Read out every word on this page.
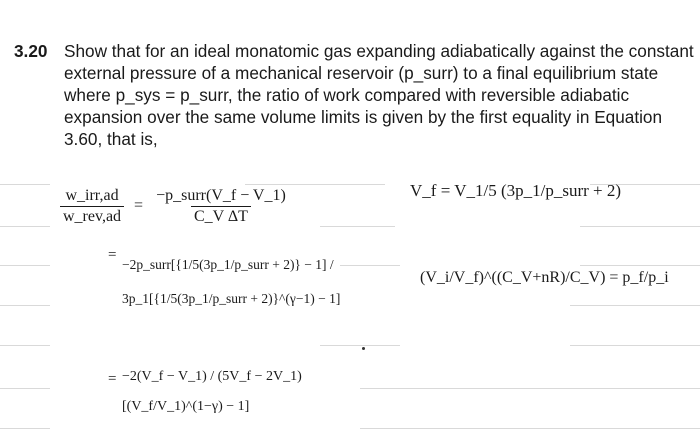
3.20 Show that for an ideal monatomic gas expanding adiabatically against the constant external pressure of a mechanical reservoir (p_surr) to a final equilibrium state where p_sys = p_surr, the ratio of work compared with reversible adiabatic expansion over the same volume limits is given by the first equality in Equation 3.60, that is,
$\frac{\text{w\_irr,ad}}{\text{w\_rev,ad}} = \frac{\text{−p\_surr(V\_f − V\_1)}}{\text{C\_V ΔT}}$
=
−2p_surr[{1/5(3p_1/p_surr + 2)} − 1] / 3p_1[{1/5(3p_1/p_surr + 2)}^(γ−1) − 1]
= −2(V_f − V_1) / (5V_f − 2V_1)[(V_f/V_1)^(1−γ) − 1]
V_f = V_1/5 (3p_1/p_surr + 2)
(V_i/V_f)^((C_V+nR)/C_V) = p_f/p_i
